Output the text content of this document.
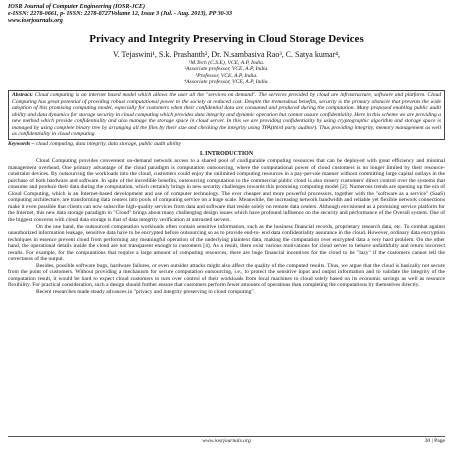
IOSR Journal of Computer Engineering (IOSR-JCE)
e-ISSN: 2278-0661, p- ISSN: 2278-8727Volume 12, Issue 3 (Jul. - Aug. 2013), PP 30-33
www.iosrjournals.org
Privacy and Integrity Preserving in Cloud Storage Devices
V. Tejaswini¹, S.k. Prashanth², Dr. N.sambasiva Rao³, C. Satya kumar⁴,
¹M.Tech (C.S.E), VCE, A.P, India.
²Associate professor, VCE, A.P, India.
³Professor, VCE, A.P, India.
⁴Associate professor, VCE, A.P, India.
Abstract: Cloud computing is an internet based model which allows the user all the "services on demand". The services provided by cloud are infrastructure, software and platform. Cloud Computing has great potential of providing robust computational power to the society at reduced cost. Despite the tremendous benefits, security is the primary obstacle that prevents the wide adoption of this promising computing model, especially for customers when their confidential data are consumed and produced during the computation. Many proposed enabling public audit ability and data dynamics for storage security in cloud computing which provides data integrity and dynamic operation but cannot assure confidentiality. Here in this scheme we are providing a new method which provide confidentiality and also manage the storage space in cloud server. In this we are providing confidentiality by using cryptographic algorithm and storage space is managed by using complete binary tree by arranging all the files by their size and checking the integrity using TPA(third party auditor). Thus providing integrity, memory management as well as confidentiality in cloud computing.
Keywords – cloud computing, data integrity, data storage, public audit ability
I. INTRODUCTION

Cloud Computing provides convenient on-demand network access to a shared pool of configurable computing resources that can be deployed with great efficiency and minimal management overhead. One primary advantage of the cloud paradigm is computation outsourcing, where the computational power of cloud customers is no longer limited by their resource-constraint devices. By outsourcing the workloads into the cloud, customers could enjoy the unlimited computing resources in a pay-per-use manner without committing large capital outlays in the purchase of both hardware and software. In spite of the incredible benefits, outsourcing computation to the commercial public cloud is also misery customers' direct control over the systems that consume and produce their data during the computation, which certainly brings in new security challenges towards this promising computing model [2]. Numerous trends are opening up the era of Cloud Computing, which is an Internet-based development and use of computer technology. The ever cheaper and more powerful processors, together with the "software as a service" (SaaS) computing architecture, are transforming data centers into pools of computing service on a huge scale. Meanwhile, the increasing network bandwidth and reliable yet flexible network connections make it even possible that clients can now subscribe high-quality services from data and software that reside solely on remote data centers. Although envisioned as a promising service platform for the Internet, this new data storage paradigm in "Cloud" brings about many challenging design issues which have profound influence on the security and performance of the Overall system. One of the biggest concerns with cloud data storage is that of data integrity verification at untrusted servers.

On the one hand, the outsourced computation workloads often contain sensitive information, such as the business financial records, proprietary research data, etc. To combat against unauthorized information leakage, sensitive data have to be encrypted before outsourcing so as to provide end-to- end data confidentiality assurance in the cloud. However, ordinary data encryption techniques in essence prevent cloud from performing any meaningful operation of the underlying plaintext data, making the computation over encrypted data a very hard problem. On the other hand, the operational details inside the cloud are not transparent enough to customers [4]. As a result, there exist various motivations for cloud server to behave unfaithfully and return incorrect results. For example, for the computations that require a large amount of computing resources, there are huge financial incentives for the cloud to be "lazy" if the customers cannot tell the correctness of the output.

Besides, possible software bugs, hardware failures, or even outsider attacks might also affect the quality of the computed results. Thus, we argue that the cloud is basically not secure from the point of customers. Without providing a mechanism for secure computation outsourcing, i.e., to protect the sensitive input and output information and to validate the integrity of the computation result, it would be hard to expect cloud customers to turn over control of their workloads from local machines to cloud solely based on its economic savings as well as resource flexibility. For practical consideration, such a design should further ensure that customers perform fewer amounts of operations than completing the computations by themselves directly.

Recent researches made steady advances in "privacy and integrity preserving in cloud computing".

www.iosrjournals.org	30 | Page
